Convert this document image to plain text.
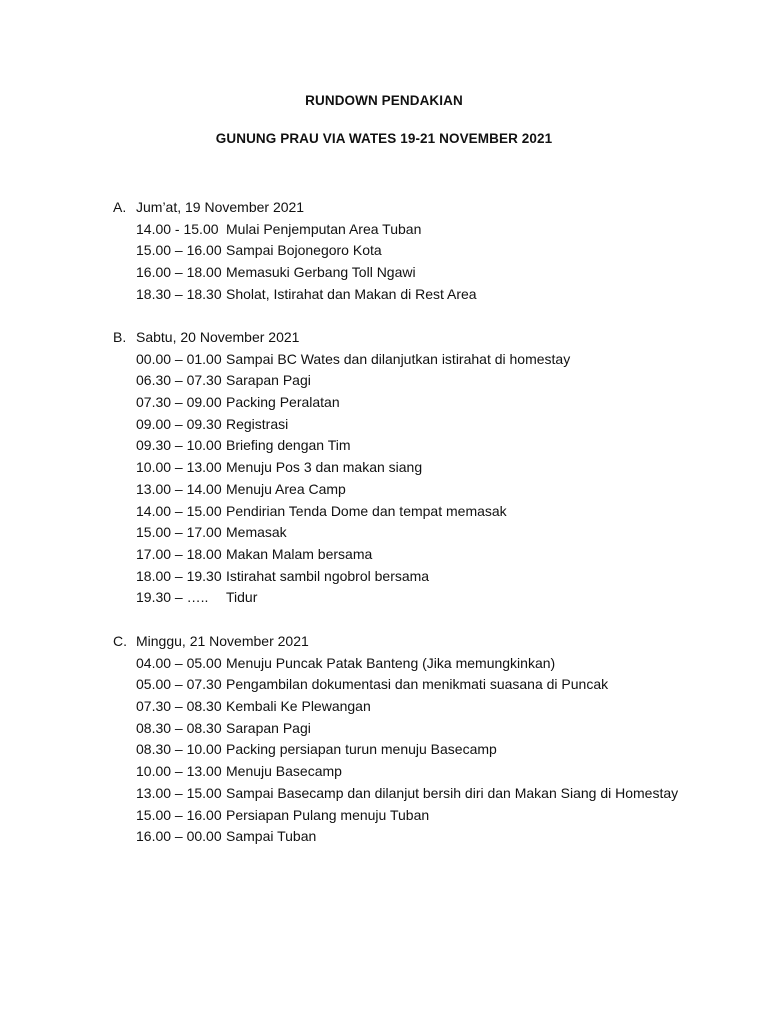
RUNDOWN PENDAKIAN
GUNUNG PRAU VIA WATES 19-21 NOVEMBER 2021
A. Jum’at, 19 November 2021
14.00 - 15.00 Mulai Penjemputan Area Tuban
15.00 – 16.00 Sampai Bojonegoro Kota
16.00 – 18.00 Memasuki Gerbang Toll Ngawi
18.30 – 18.30 Sholat, Istirahat dan Makan di Rest Area
B. Sabtu, 20 November 2021
00.00 – 01.00 Sampai BC Wates dan dilanjutkan istirahat di homestay
06.30 – 07.30 Sarapan Pagi
07.30 – 09.00 Packing Peralatan
09.00 – 09.30 Registrasi
09.30 – 10.00 Briefing dengan Tim
10.00 – 13.00 Menuju Pos 3 dan makan siang
13.00 – 14.00 Menuju Area Camp
14.00 – 15.00 Pendirian Tenda Dome dan tempat memasak
15.00 – 17.00 Memasak
17.00 – 18.00 Makan Malam bersama
18.00 – 19.30 Istirahat sambil ngobrol bersama
19.30 – ….. Tidur
C. Minggu, 21 November 2021
04.00 – 05.00 Menuju Puncak Patak Banteng (Jika memungkinkan)
05.00 – 07.30 Pengambilan dokumentasi dan menikmati suasana di Puncak
07.30 – 08.30 Kembali Ke Plewangan
08.30 – 08.30 Sarapan Pagi
08.30 – 10.00 Packing persiapan turun menuju Basecamp
10.00 – 13.00 Menuju Basecamp
13.00 – 15.00 Sampai Basecamp dan dilanjut bersih diri dan Makan Siang di Homestay
15.00 – 16.00 Persiapan Pulang menuju Tuban
16.00 – 00.00 Sampai Tuban
